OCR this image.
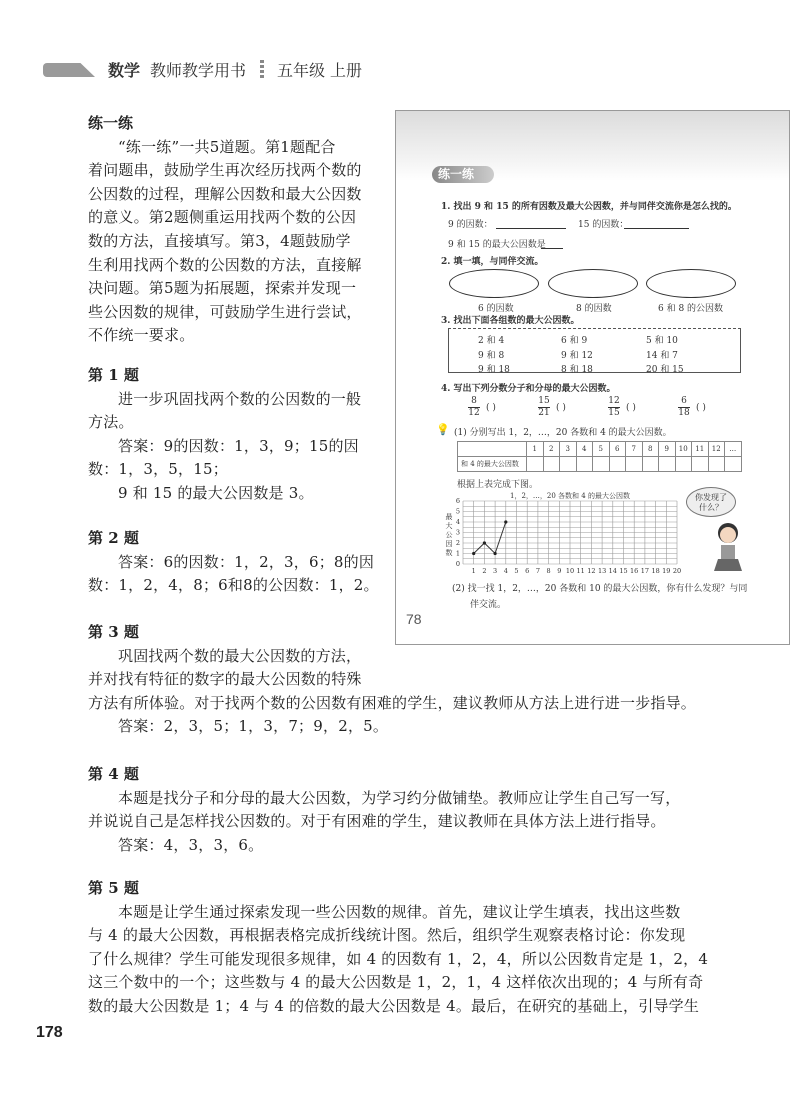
数学 教师教学用书 五年级 上册
练一练
“练一练”一共5道题。第1题配合
着问题串，鼓励学生再次经历找两个数的
公因数的过程，理解公因数和最大公因数
的意义。第2题侧重运用找两个数的公因
数的方法，直接填写。第3，4题鼓励学
生利用找两个数的公因数的方法，直接解
决问题。第5题为拓展题，探索并发现一
些公因数的规律，可鼓励学生进行尝试，
不作统一要求。
第 1 题
进一步巩固找两个数的公因数的一般
方法。
答案：9的因数：1，3，9；15的因
数：1，3，5，15；
9 和 15 的最大公因数是 3。
第 2 题
答案：6的因数：1，2，3，6；8的因
数：1，2，4，8；6和8的公因数：1，2。
第 3 题
巩固找两个数的最大公因数的方法，
并对找有特征的数字的最大公因数的特殊
方法有所体验。对于找两个数的公因数有困难的学生，建议教师从方法上进行进一步指导。
答案：2，3，5；1，3，7；9，2，5。
第 4 题
本题是找分子和分母的最大公因数，为学习约分做铺垫。教师应让学生自己写一写，
并说说自己是怎样找公因数的。对于有困难的学生，建议教师在具体方法上进行指导。
答案：4，3，3，6。
第 5 题
本题是让学生通过探索发现一些公因数的规律。首先，建议让学生填表，找出这些数
与 4 的最大公因数，再根据表格完成折线统计图。然后，组织学生观察表格讨论：你发现
了什么规律？学生可能发现很多规律，如 4 的因数有 1，2，4，所以公因数肯定是 1，2，4
这三个数中的一个；这些数与 4 的最大公因数是 1，2，1，4 这样依次出现的；4 与所有奇
数的最大公因数是 1；4 与 4 的倍数的最大公因数是 4。最后，在研究的基础上，引导学生
178
练一练
1. 找出 9 和 15 的所有因数及最大公因数，并与同伴交流你是怎么找的。
9 的因数：	15 的因数：
9 和 15 的最大公因数是
2. 填一填，与同伴交流。
6 的因数	8 的因数	6 和 8 的公因数
3. 找出下面各组数的最大公因数。
2 和 4	6 和 9	5 和 10
9 和 8	9 和 12	14 和 7
9 和 18	8 和 18	20 和 15
4. 写出下列分数分子和分母的最大公因数。
8
12 ( )
15
21 ( )
12
15 ( )
6
18 ( )
💡 (1) 分别写出 1，2，…，20 各数和 4 的最大公因数。
	1	2	3	4	5	6	7	8	9	10	11	12	…
和 4 的最大公因数													
根据上表完成下图。
1，2，…，20 各数和 4 的最大公因数
1 2 3 4 5 6 7 8 9 10 11 12 13 14 15 16 17 18 19 20
0
1
2
3
4
5
6
最
大
公
因
数
你发现了什么？
(2) 找一找 1，2，…，20 各数和 10 的最大公因数，你有什么发现？与同
伴交流。
78
